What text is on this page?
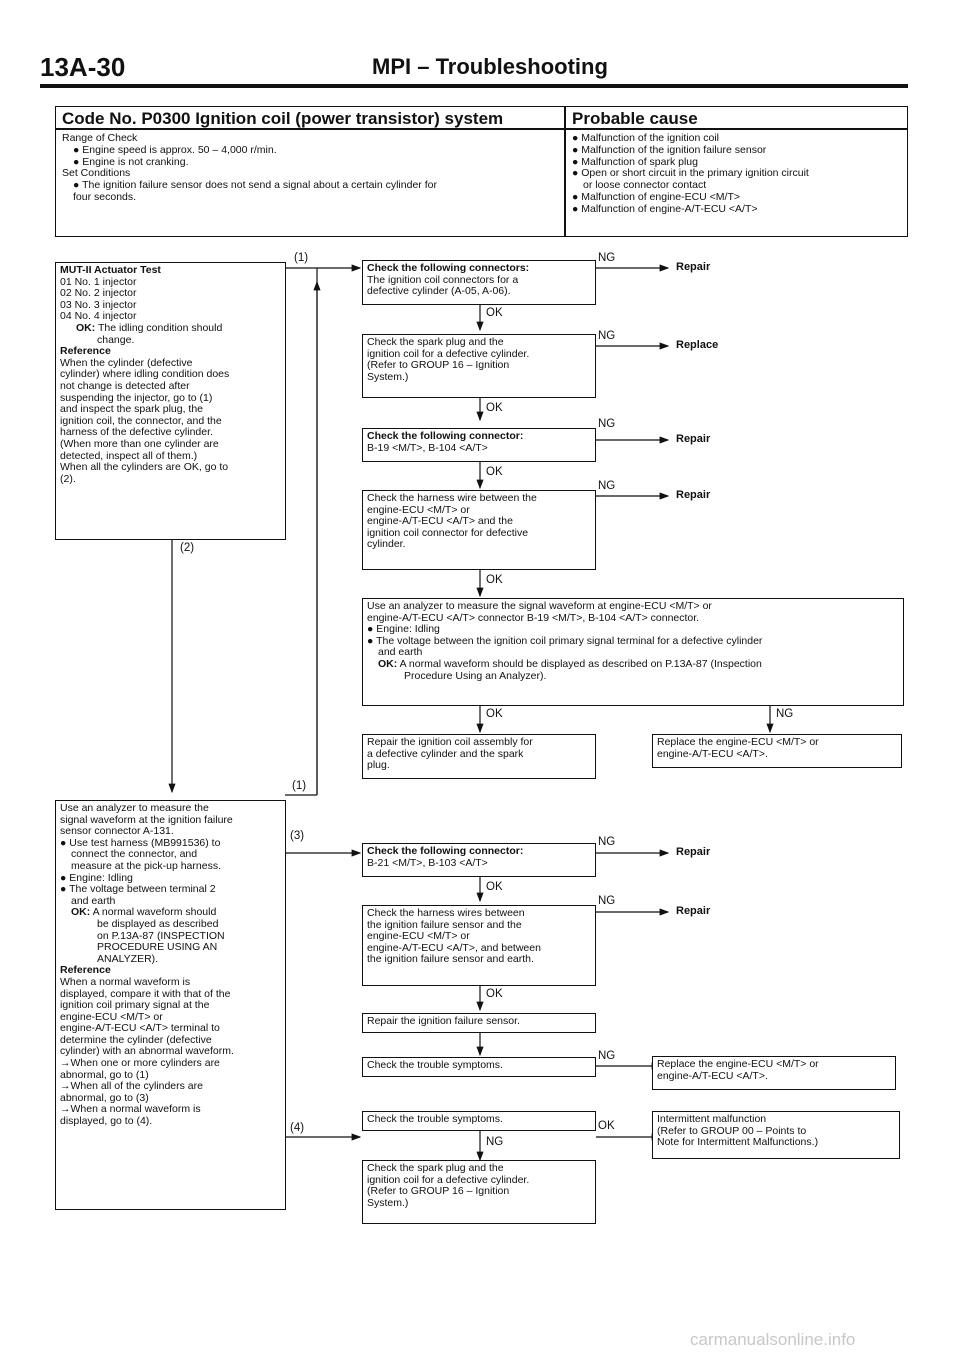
13A-30	MPI – Troubleshooting
Code No. P0300 Ignition coil (power transistor) system	Probable cause
Range of Check
● Engine speed is approx. 50 – 4,000 r/min.
● Engine is not cranking.
Set Conditions
● The ignition failure sensor does not send a signal about a certain cylinder for
four seconds.
● Malfunction of the ignition coil
● Malfunction of the ignition failure sensor
● Malfunction of spark plug
● Open or short circuit in the primary ignition circuit
or loose connector contact
● Malfunction of engine-ECU <M/T>
● Malfunction of engine-A/T-ECU <A/T>
MUT-II Actuator Test
01 No. 1 injector
02 No. 2 injector
03 No. 3 injector
04 No. 4 injector
OK: The idling condition should
change.
Reference
When the cylinder (defective
cylinder) where idling condition does
not change is detected after
suspending the injector, go to (1)
and inspect the spark plug, the
ignition coil, the connector, and the
harness of the defective cylinder.
(When more than one cylinder are
detected, inspect all of them.)
When all the cylinders are OK, go to
(2).
Use an analyzer to measure the
signal waveform at the ignition failure
sensor connector A-131.
● Use test harness (MB991536) to
connect the connector, and
measure at the pick-up harness.
● Engine: Idling
● The voltage between terminal 2
and earth
OK: A normal waveform should
be displayed as described
on P.13A-87 (INSPECTION
PROCEDURE USING AN
ANALYZER).
Reference
When a normal waveform is
displayed, compare it with that of the
ignition coil primary signal at the
engine-ECU <M/T> or
engine-A/T-ECU <A/T> terminal to
determine the cylinder (defective
cylinder) with an abnormal waveform.
→When one or more cylinders are
abnormal, go to (1)
→When all of the cylinders are
abnormal, go to (3)
→When a normal waveform is
displayed, go to (4).
Check the following connectors:
The ignition coil connectors for a
defective cylinder (A-05, A-06).
Check the spark plug and the
ignition coil for a defective cylinder.
(Refer to GROUP 16 – Ignition
System.)
Check the following connector:
B-19 <M/T>, B-104 <A/T>
Check the harness wire between the
engine-ECU <M/T> or
engine-A/T-ECU <A/T> and the
ignition coil connector for defective
cylinder.
Use an analyzer to measure the signal waveform at engine-ECU <M/T> or
engine-A/T-ECU <A/T> connector B-19 <M/T>, B-104 <A/T> connector.
● Engine: Idling
● The voltage between the ignition coil primary signal terminal for a defective cylinder
and earth
OK: A normal waveform should be displayed as described on P.13A-87 (Inspection
Procedure Using an Analyzer).
Repair the ignition coil assembly for
a defective cylinder and the spark
plug.
Replace the engine-ECU <M/T> or
engine-A/T-ECU <A/T>.
Check the following connector:
B-21 <M/T>, B-103 <A/T>
Check the harness wires between
the ignition failure sensor and the
engine-ECU <M/T> or
engine-A/T-ECU <A/T>, and between
the ignition failure sensor and earth.
Repair the ignition failure sensor.
Check the trouble symptoms.	Replace the engine-ECU <M/T> or
engine-A/T-ECU <A/T>.
Check the trouble symptoms.	Intermittent malfunction
(Refer to GROUP 00 – Points to
Note for Intermittent Malfunctions.)
Check the spark plug and the
ignition coil for a defective cylinder.
(Refer to GROUP 16 – Ignition
System.)
(1)
(2)
(1)
(3)
(4)
OK
OK
OK
OK
OK	NG
OK
OK
NG
NG
NG
NG
NG
NG
NG
NG
OK
Repair
Replace
Repair
Repair
Repair
Repair
carmanualsonline.info
